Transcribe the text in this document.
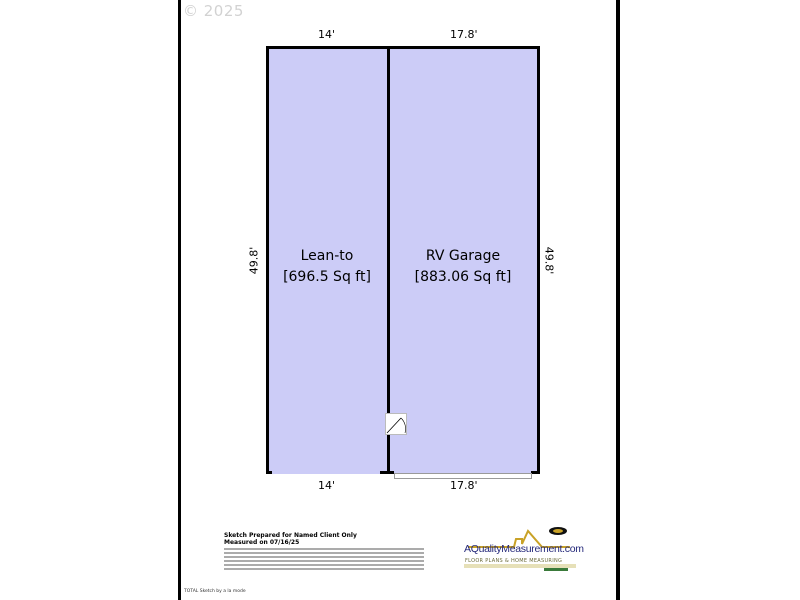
© 2025
Lean-to
[696.5 Sq ft]
RV Garage
[883.06 Sq ft]
14'	17.8'
14'	17.8'
49.8'	49.8'
Sketch Prepared for Named Client Only
Measured on 07/16/25
TOTAL Sketch by a la mode
AQualityMeasurement.com
FLOOR PLANS & HOME MEASURING
